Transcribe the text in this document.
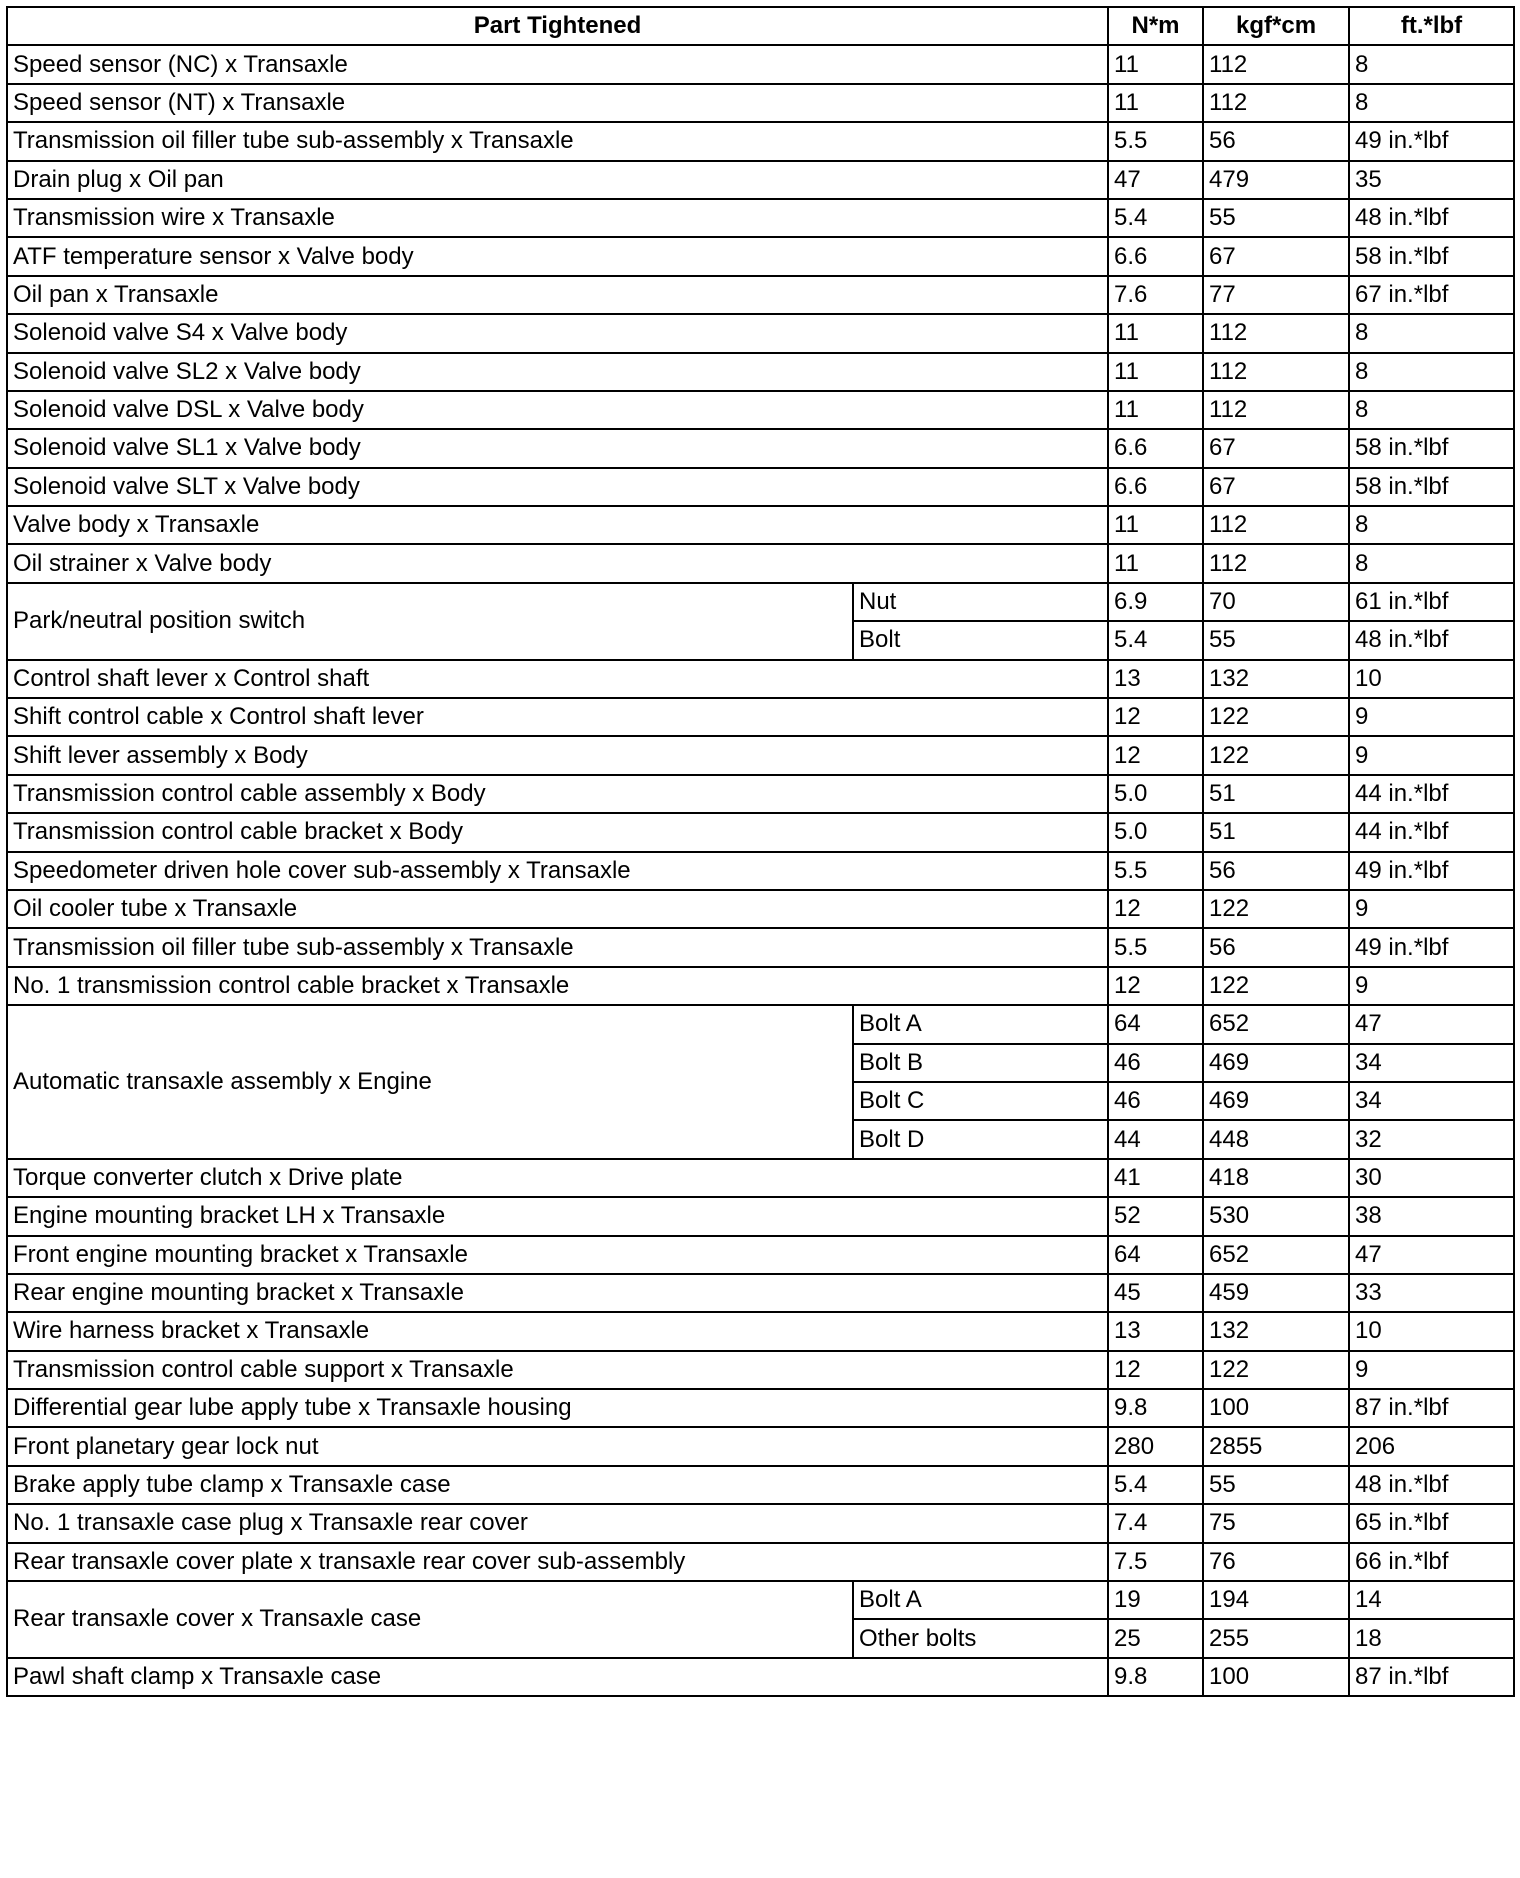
Part Tightened		N*m	kgf*cm	ft.*lbf
Speed sensor (NC) x Transaxle		11	112	8
Speed sensor (NT) x Transaxle		11	112	8
Transmission oil filler tube sub-assembly x Transaxle		5.5	56	49 in.*lbf
Drain plug x Oil pan		47	479	35
Transmission wire x Transaxle		5.4	55	48 in.*lbf
ATF temperature sensor x Valve body		6.6	67	58 in.*lbf
Oil pan x Transaxle		7.6	77	67 in.*lbf
Solenoid valve S4 x Valve body		11	112	8
Solenoid valve SL2 x Valve body		11	112	8
Solenoid valve DSL x Valve body		11	112	8
Solenoid valve SL1 x Valve body		6.6	67	58 in.*lbf
Solenoid valve SLT x Valve body		6.6	67	58 in.*lbf
Valve body x Transaxle		11	112	8
Oil strainer x Valve body		11	112	8
Park/neutral position switch	Nut	6.9	70	61 in.*lbf
	Bolt	5.4	55	48 in.*lbf
Control shaft lever x Control shaft		13	132	10
Shift control cable x Control shaft lever		12	122	9
Shift lever assembly x Body		12	122	9
Transmission control cable assembly x Body		5.0	51	44 in.*lbf
Transmission control cable bracket x Body		5.0	51	44 in.*lbf
Speedometer driven hole cover sub-assembly x Transaxle		5.5	56	49 in.*lbf
Oil cooler tube x Transaxle		12	122	9
Transmission oil filler tube sub-assembly x Transaxle		5.5	56	49 in.*lbf
No. 1 transmission control cable bracket x Transaxle		12	122	9
Automatic transaxle assembly x Engine	Bolt A	64	652	47
	Bolt B	46	469	34
	Bolt C	46	469	34
	Bolt D	44	448	32
Torque converter clutch x Drive plate		41	418	30
Engine mounting bracket LH x Transaxle		52	530	38
Front engine mounting bracket x Transaxle		64	652	47
Rear engine mounting bracket x Transaxle		45	459	33
Wire harness bracket x Transaxle		13	132	10
Transmission control cable support x Transaxle		12	122	9
Differential gear lube apply tube x Transaxle housing		9.8	100	87 in.*lbf
Front planetary gear lock nut		280	2855	206
Brake apply tube clamp x Transaxle case		5.4	55	48 in.*lbf
No. 1 transaxle case plug x Transaxle rear cover		7.4	75	65 in.*lbf
Rear transaxle cover plate x transaxle rear cover sub-assembly		7.5	76	66 in.*lbf
Rear transaxle cover x Transaxle case	Bolt A	19	194	14
	Other bolts	25	255	18
Pawl shaft clamp x Transaxle case		9.8	100	87 in.*lbf
